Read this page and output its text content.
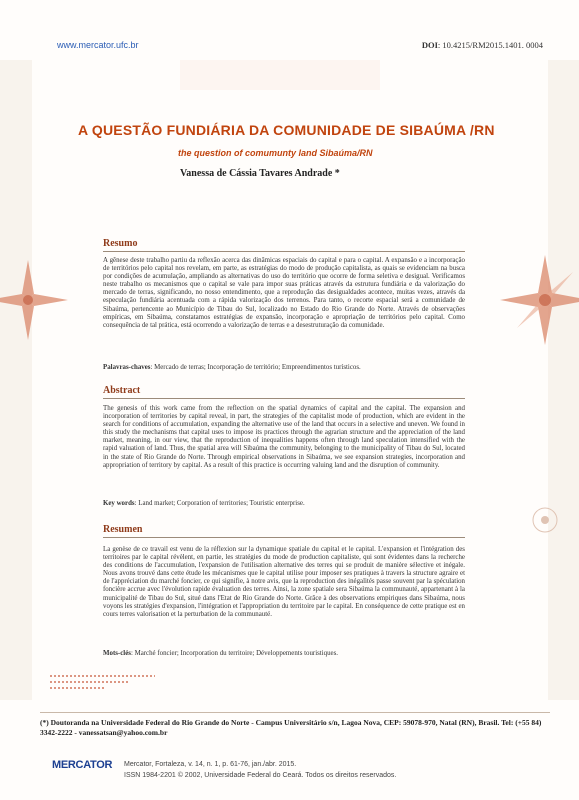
www.mercator.ufc.br	DOI: 10.4215/RM2015.1401. 0004
A QUESTÃO FUNDIÁRIA DA COMUNIDADE DE SIBAÚMA /RN
the question of comumunty land Sibaúma/RN
Vanessa de Cássia Tavares Andrade *
Resumo
A gênese deste trabalho partiu da reflexão acerca das dinâmicas espaciais do capital e para o capital. A expansão e a incorporação de territórios pelo capital nos revelam, em parte, as estratégias do modo de produção capitalista, as quais se evidenciam na busca por condições de acumulação, ampliando as alternativas do uso do território que ocorre de forma seletiva e desigual. Verificamos neste trabalho os mecanismos que o capital se vale para impor suas práticas através da estrutura fundiária e da valorização do mercado de terras, significando, no nosso entendimento, que a reprodução das desigualdades acontece, muitas vezes, através da especulação fundiária acentuada com a rápida valorização dos terrenos. Para tanto, o recorte espacial será a comunidade de Sibaúma, pertencente ao Município de Tibau do Sul, localizado no Estado do Rio Grande do Norte. Através de observações empíricas, em Sibaúma, constatamos estratégias de expansão, incorporação e apropriação de territórios pelo capital. Como consequência de tal prática, está ocorrendo a valorização de terras e a desestruturação da comunidade.
Palavras-chaves: Mercado de terras; Incorporação de território; Empreendimentos turísticos.
Abstract
The genesis of this work came from the reflection on the spatial dynamics of capital and the capital. The expansion and incorporation of territories by capital reveal, in part, the strategies of the capitalist mode of production, which are evident in the search for conditions of accumulation, expanding the alternative use of the land that occurs in a selective and uneven. We found in this study the mechanisms that capital uses to impose its practices through the agrarian structure and the appreciation of the land market, meaning, in our view, that the reproduction of inequalities happens often through land speculation intensified with the rapid valuation of land. Thus, the spatial area will Sibaúma the community, belonging to the municipality of Tibau do Sul, located in the state of Rio Grande do Norte. Through empirical observations in Sibaúma, we see expansion strategies, incorporation and appropriation of territory by capital. As a result of this practice is occurring valuing land and the disruption of community.
Key words: Land market; Corporation of territories; Touristic enterprise.
Resumen
La genèse de ce travail est venu de la réflexion sur la dynamique spatiale du capital et le capital. L'expansion et l'intégration des territoires par le capital révèlent, en partie, les stratégies du mode de production capitaliste, qui sont évidentes dans la recherche des conditions de l'accumulation, l'expansion de l'utilisation alternative des terres qui se produit de manière sélective et inégale. Nous avons trouvé dans cette étude les mécanismes que le capital utilise pour imposer ses pratiques à travers la structure agraire et de l'appréciation du marché foncier, ce qui signifie, à notre avis, que la reproduction des inégalités passe souvent par la spéculation foncière accrue avec l'évolution rapide évaluation des terres. Ainsi, la zone spatiale sera Sibaúma la communauté, appartenant à la municipalité de Tibau do Sul, situé dans l'Etat de Rio Grande do Norte. Grâce à des observations empiriques dans Sibaúma, nous voyons les stratégies d'expansion, l'intégration et l'appropriation du territoire par le capital. En conséquence de cette pratique est en cours terres valorisation et la perturbation de la communauté.
Mots-clés: Marché foncier; Incorporation du territoire; Développements touristiques.
(*) Doutoranda na Universidade Federal do Rio Grande do Norte - Campus Universitário s/n, Lagoa Nova, CEP: 59078-970, Natal (RN), Brasil. Tel: (+55 84) 3342-2222 - vanessatsan@yahoo.com.br
MERCATOR Mercator, Fortaleza, v. 14, n. 1, p. 61-76, jan./abr. 2015.
ISSN 1984-2201 © 2002, Universidade Federal do Ceará. Todos os direitos reservados.
